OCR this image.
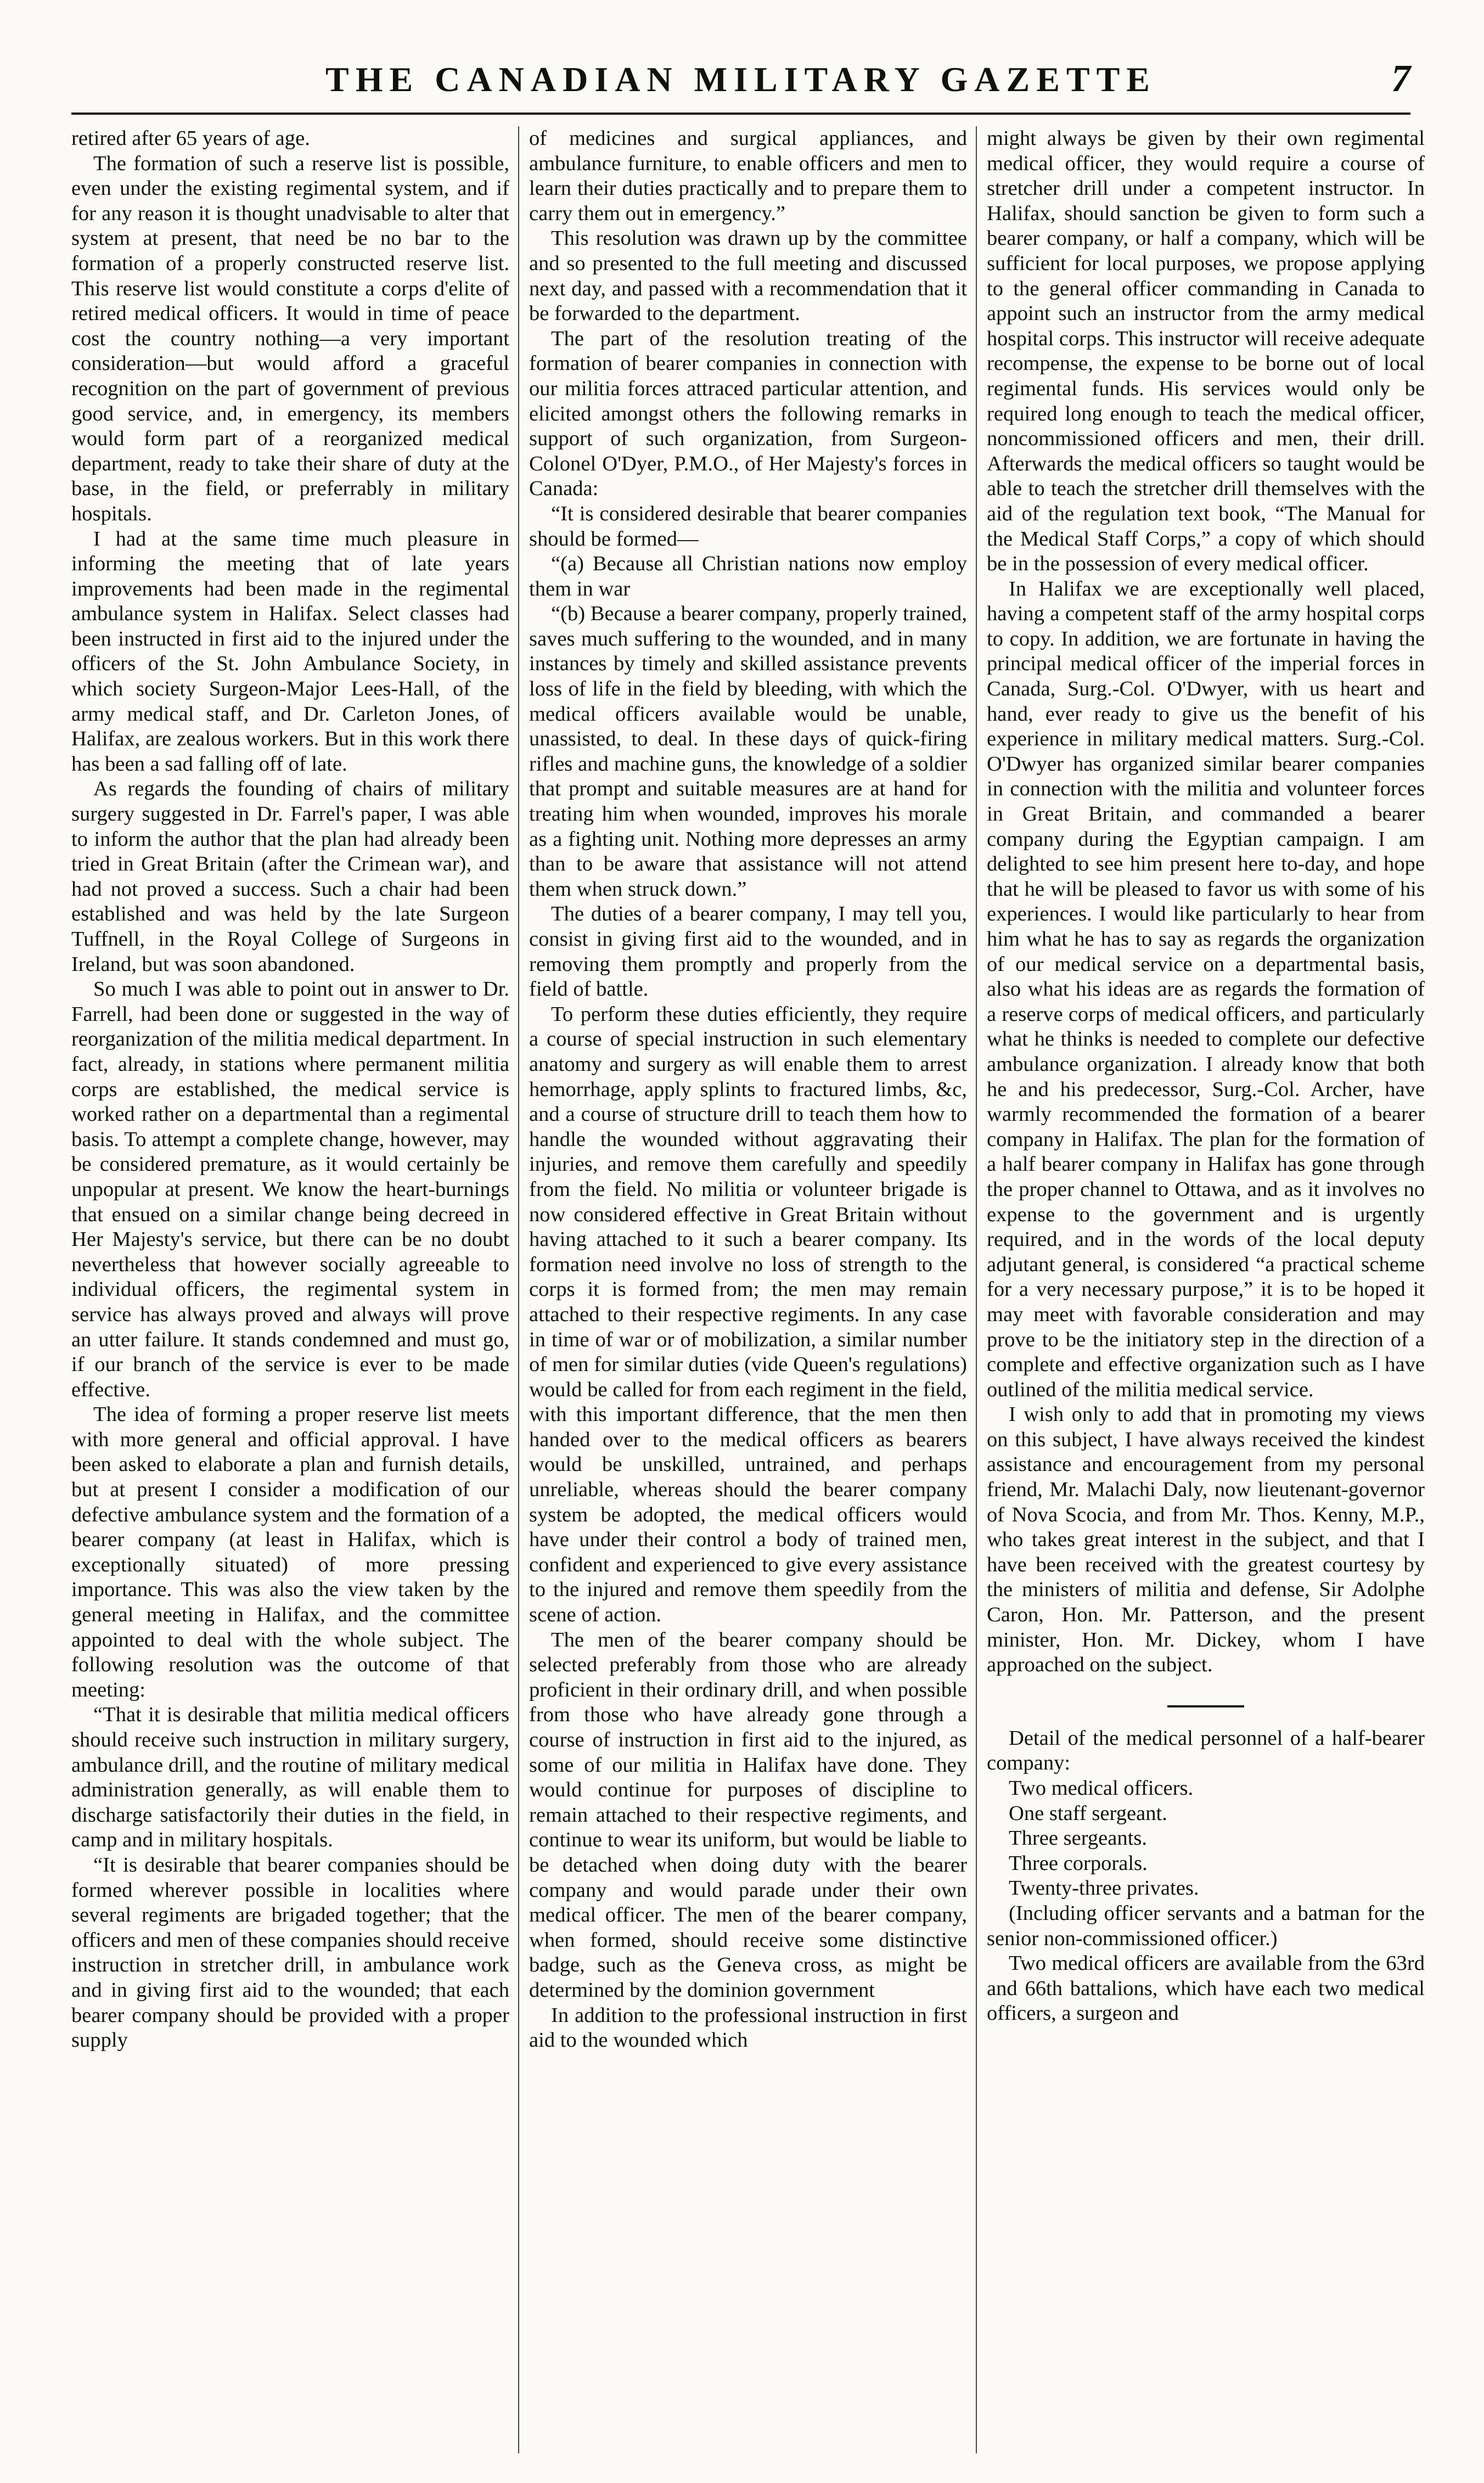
THE CANADIAN MILITARY GAZETTE	7

retired after 65 years of age.

The formation of such a reserve list is possible, even under the existing regimental system, and if for any reason it is thought unadvisable to alter that system at present, that need be no bar to the formation of a properly constructed reserve list. This reserve list would constitute a corps d'elite of retired medical officers. It would in time of peace cost the country nothing—a very important consideration—but would afford a graceful recognition on the part of government of previous good service, and, in emergency, its members would form part of a reorganized medical department, ready to take their share of duty at the base, in the field, or preferrably in military hospitals.

I had at the same time much pleasure in informing the meeting that of late years improvements had been made in the regimental ambulance system in Halifax. Select classes had been instructed in first aid to the injured under the officers of the St. John Ambulance Society, in which society Surgeon-Major Lees-Hall, of the army medical staff, and Dr. Carleton Jones, of Halifax, are zealous workers. But in this work there has been a sad falling off of late.

As regards the founding of chairs of military surgery suggested in Dr. Farrel's paper, I was able to inform the author that the plan had already been tried in Great Britain (after the Crimean war), and had not proved a success. Such a chair had been established and was held by the late Surgeon Tuffnell, in the Royal College of Surgeons in Ireland, but was soon abandoned.

So much I was able to point out in answer to Dr. Farrell, had been done or suggested in the way of reorganization of the militia medical department. In fact, already, in stations where permanent militia corps are established, the medical service is worked rather on a departmental than a regimental basis. To attempt a complete change, however, may be considered premature, as it would certainly be unpopular at present. We know the heart-burnings that ensued on a similar change being decreed in Her Majesty's service, but there can be no doubt nevertheless that however socially agreeable to individual officers, the regimental system in service has always proved and always will prove an utter failure. It stands condemned and must go, if our branch of the service is ever to be made effective.

The idea of forming a proper reserve list meets with more general and official approval. I have been asked to elaborate a plan and furnish details, but at present I consider a modification of our defective ambulance system and the formation of a bearer company (at least in Halifax, which is exceptionally situated) of more pressing importance. This was also the view taken by the general meeting in Halifax, and the committee appointed to deal with the whole subject. The following resolution was the outcome of that meeting:

“That it is desirable that militia medical officers should receive such instruction in military surgery, ambulance drill, and the routine of military medical administration generally, as will enable them to discharge satisfactorily their duties in the field, in camp and in military hospitals.

“It is desirable that bearer companies should be formed wherever possible in localities where several regiments are brigaded together; that the officers and men of these companies should receive instruction in stretcher drill, in ambulance work and in giving first aid to the wounded; that each bearer company should be provided with a proper supply

of medicines and surgical appliances, and ambulance furniture, to enable officers and men to learn their duties practically and to prepare them to carry them out in emergency.”

This resolution was drawn up by the committee and so presented to the full meeting and discussed next day, and passed with a recommendation that it be forwarded to the department.

The part of the resolution treating of the formation of bearer companies in connection with our militia forces attraced particular attention, and elicited amongst others the following remarks in support of such organization, from Surgeon-Colonel O'Dyer, P.M.O., of Her Majesty's forces in Canada:

“It is considered desirable that bearer companies should be formed—

“(a) Because all Christian nations now employ them in war

“(b) Because a bearer company, properly trained, saves much suffering to the wounded, and in many instances by timely and skilled assistance prevents loss of life in the field by bleeding, with which the medical officers available would be unable, unassisted, to deal. In these days of quick-firing rifles and machine guns, the knowledge of a soldier that prompt and suitable measures are at hand for treating him when wounded, improves his morale as a fighting unit. Nothing more depresses an army than to be aware that assistance will not attend them when struck down.”

The duties of a bearer company, I may tell you, consist in giving first aid to the wounded, and in removing them promptly and properly from the field of battle.

To perform these duties efficiently, they require a course of special instruction in such elementary anatomy and surgery as will enable them to arrest hemorrhage, apply splints to fractured limbs, &c, and a course of structure drill to teach them how to handle the wounded without aggravating their injuries, and remove them carefully and speedily from the field. No militia or volunteer brigade is now considered effective in Great Britain without having attached to it such a bearer company. Its formation need involve no loss of strength to the corps it is formed from; the men may remain attached to their respective regiments. In any case in time of war or of mobilization, a similar number of men for similar duties (vide Queen's regulations) would be called for from each regiment in the field, with this important difference, that the men then handed over to the medical officers as bearers would be unskilled, untrained, and perhaps unreliable, whereas should the bearer company system be adopted, the medical officers would have under their control a body of trained men, confident and experienced to give every assistance to the injured and remove them speedily from the scene of action.

The men of the bearer company should be selected preferably from those who are already proficient in their ordinary drill, and when possible from those who have already gone through a course of instruction in first aid to the injured, as some of our militia in Halifax have done. They would continue for purposes of discipline to remain attached to their respective regiments, and continue to wear its uniform, but would be liable to be detached when doing duty with the bearer company and would parade under their own medical officer. The men of the bearer company, when formed, should receive some distinctive badge, such as the Geneva cross, as might be determined by the dominion government

In addition to the professional instruction in first aid to the wounded which

might always be given by their own regimental medical officer, they would require a course of stretcher drill under a competent instructor. In Halifax, should sanction be given to form such a bearer company, or half a company, which will be sufficient for local purposes, we propose applying to the general officer commanding in Canada to appoint such an instructor from the army medical hospital corps. This instructor will receive adequate recompense, the expense to be borne out of local regimental funds. His services would only be required long enough to teach the medical officer, noncommissioned officers and men, their drill. Afterwards the medical officers so taught would be able to teach the stretcher drill themselves with the aid of the regulation text book, “The Manual for the Medical Staff Corps,” a copy of which should be in the possession of every medical officer.

In Halifax we are exceptionally well placed, having a competent staff of the army hospital corps to copy. In addition, we are fortunate in having the principal medical officer of the imperial forces in Canada, Surg.-Col. O'Dwyer, with us heart and hand, ever ready to give us the benefit of his experience in military medical matters. Surg.-Col. O'Dwyer has organized similar bearer companies in connection with the militia and volunteer forces in Great Britain, and commanded a bearer company during the Egyptian campaign. I am delighted to see him present here to-day, and hope that he will be pleased to favor us with some of his experiences. I would like particularly to hear from him what he has to say as regards the organization of our medical service on a departmental basis, also what his ideas are as regards the formation of a reserve corps of medical officers, and particularly what he thinks is needed to complete our defective ambulance organization. I already know that both he and his predecessor, Surg.-Col. Archer, have warmly recommended the formation of a bearer company in Halifax. The plan for the formation of a half bearer company in Halifax has gone through the proper channel to Ottawa, and as it involves no expense to the government and is urgently required, and in the words of the local deputy adjutant general, is considered “a practical scheme for a very necessary purpose,” it is to be hoped it may meet with favorable consideration and may prove to be the initiatory step in the direction of a complete and effective organization such as I have outlined of the militia medical service.

I wish only to add that in promoting my views on this subject, I have always received the kindest assistance and encouragement from my personal friend, Mr. Malachi Daly, now lieutenant-governor of Nova Scocia, and from Mr. Thos. Kenny, M.P., who takes great interest in the subject, and that I have been received with the greatest courtesy by the ministers of militia and defense, Sir Adolphe Caron, Hon. Mr. Patterson, and the present minister, Hon. Mr. Dickey, whom I have approached on the subject.

Detail of the medical personnel of a half-bearer company:

Two medical officers.

One staff sergeant.

Three sergeants.

Three corporals.

Twenty-three privates.

(Including officer servants and a batman for the senior non-commissioned officer.)

Two medical officers are available from the 63rd and 66th battalions, which have each two medical officers, a surgeon and
